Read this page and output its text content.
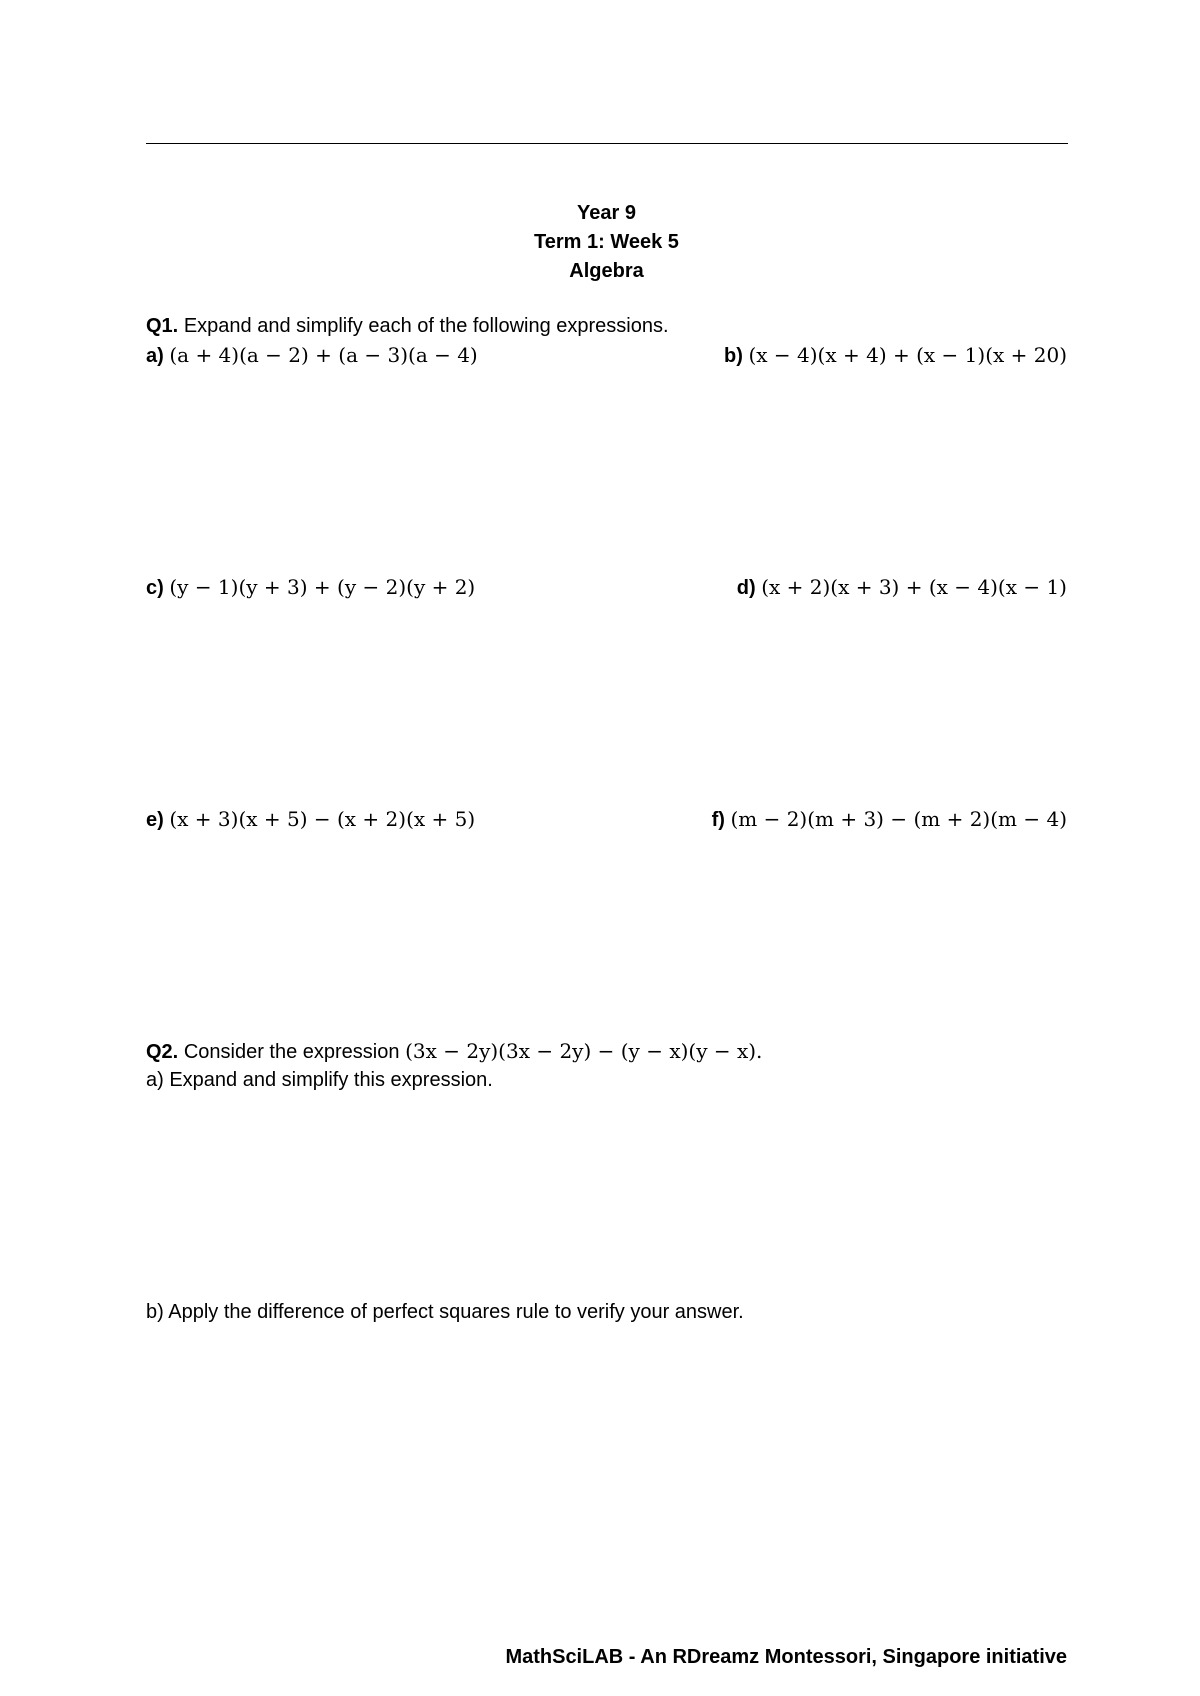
Year 9
Term 1: Week 5
Algebra
Q1. Expand and simplify each of the following expressions.
a) (a + 4)(a − 2) + (a − 3)(a − 4)	b) (x − 4)(x + 4) + (x − 1)(x + 20)
c) (y − 1)(y + 3) + (y − 2)(y + 2)	d) (x + 2)(x + 3) + (x − 4)(x − 1)
e) (x + 3)(x + 5) − (x + 2)(x + 5)	f) (m − 2)(m + 3) − (m + 2)(m − 4)
Q2. Consider the expression (3x − 2y)(3x − 2y) − (y − x)(y − x).
a) Expand and simplify this expression.
b) Apply the difference of perfect squares rule to verify your answer.
MathSciLAB - An RDreamz Montessori, Singapore initiative
